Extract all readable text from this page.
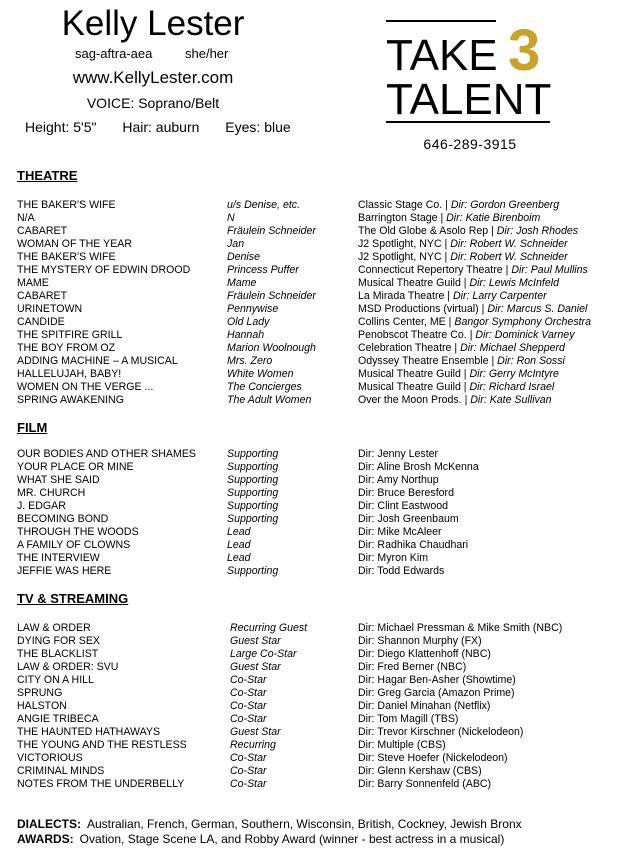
Kelly Lester
sag-aftra-aea	she/her
www.KellyLester.com
VOICE: Soprano/Belt
Height: 5'5" Hair: auburn Eyes: blue
TAKE 3
TALENT
646-289-3915
THEATRE
THE BAKER'S WIFE	u/s Denise, etc.	Classic Stage Co. | Dir: Gordon Greenberg
N/A	N	Barrington Stage | Dir: Katie Birenboim
CABARET	Fräulein Schneider	The Old Globe & Asolo Rep | Dir: Josh Rhodes
WOMAN OF THE YEAR	Jan	J2 Spotlight, NYC | Dir: Robert W. Schneider
THE BAKER'S WIFE	Denise	J2 Spotlight, NYC | Dir: Robert W. Schneider
THE MYSTERY OF EDWIN DROOD	Princess Puffer	Connecticut Repertory Theatre | Dir: Paul Mullins
MAME	Mame	Musical Theatre Guild | Dir: Lewis McInfeld
CABARET	Fräulein Schneider	La Mirada Theatre | Dir: Larry Carpenter
URINETOWN	Pennywise	MSD Productions (virtual) | Dir: Marcus S. Daniel
CANDIDE	Old Lady	Collins Center, ME | Bangor Symphony Orchestra
THE SPITFIRE GRILL	Hannah	Penobscot Theatre Co. | Dir: Dominick Varney
THE BOY FROM OZ	Marion Woolnough	Celebration Theatre | Dir: Michael Shepperd
ADDING MACHINE – A MUSICAL	Mrs. Zero	Odyssey Theatre Ensemble | Dir: Ron Sossi
HALLELUJAH, BABY!	White Women	Musical Theatre Guild | Dir: Gerry McIntyre
WOMEN ON THE VERGE ...	The Concierges	Musical Theatre Guild | Dir: Richard Israel
SPRING AWAKENING	The Adult Women	Over the Moon Prods. | Dir: Kate Sullivan
FILM
OUR BODIES AND OTHER SHAMES	Supporting	Dir: Jenny Lester
YOUR PLACE OR MINE	Supporting	Dir: Aline Brosh McKenna
WHAT SHE SAID	Supporting	Dir: Amy Northup
MR. CHURCH	Supporting	Dir: Bruce Beresford
J. EDGAR	Supporting	Dir: Clint Eastwood
BECOMING BOND	Supporting	Dir: Josh Greenbaum
THROUGH THE WOODS	Lead	Dir: Mike McAleer
A FAMILY OF CLOWNS	Lead	Dir: Radhika Chaudhari
THE INTERVIEW	Lead	Dir: Myron Kim
JEFFIE WAS HERE	Supporting	Dir: Todd Edwards
TV & STREAMING
LAW & ORDER	Recurring Guest	Dir: Michael Pressman & Mike Smith (NBC)
DYING FOR SEX	Guest Star	Dir: Shannon Murphy (FX)
THE BLACKLIST	Large Co-Star	Dir: Diego Klattenhoff (NBC)
LAW & ORDER: SVU	Guest Star	Dir: Fred Berner (NBC)
CITY ON A HILL	Co-Star	Dir: Hagar Ben-Asher (Showtime)
SPRUNG	Co-Star	Dir: Greg Garcia (Amazon Prime)
HALSTON	Co-Star	Dir: Daniel Minahan (Netflix)
ANGIE TRIBECA	Co-Star	Dir: Tom Magill (TBS)
THE HAUNTED HATHAWAYS	Guest Star	Dir: Trevor Kirschner (Nickelodeon)
THE YOUNG AND THE RESTLESS	Recurring	Dir: Multiple (CBS)
VICTORIOUS	Co-Star	Dir: Steve Hoefer (Nickelodeon)
CRIMINAL MINDS	Co-Star	Dir: Glenn Kershaw (CBS)
NOTES FROM THE UNDERBELLY	Co-Star	Dir: Barry Sonnenfeld (ABC)
DIALECTS: Australian, French, German, Southern, Wisconsin, British, Cockney, Jewish Bronx
AWARDS: Ovation, Stage Scene LA, and Robby Award (winner - best actress in a musical)
